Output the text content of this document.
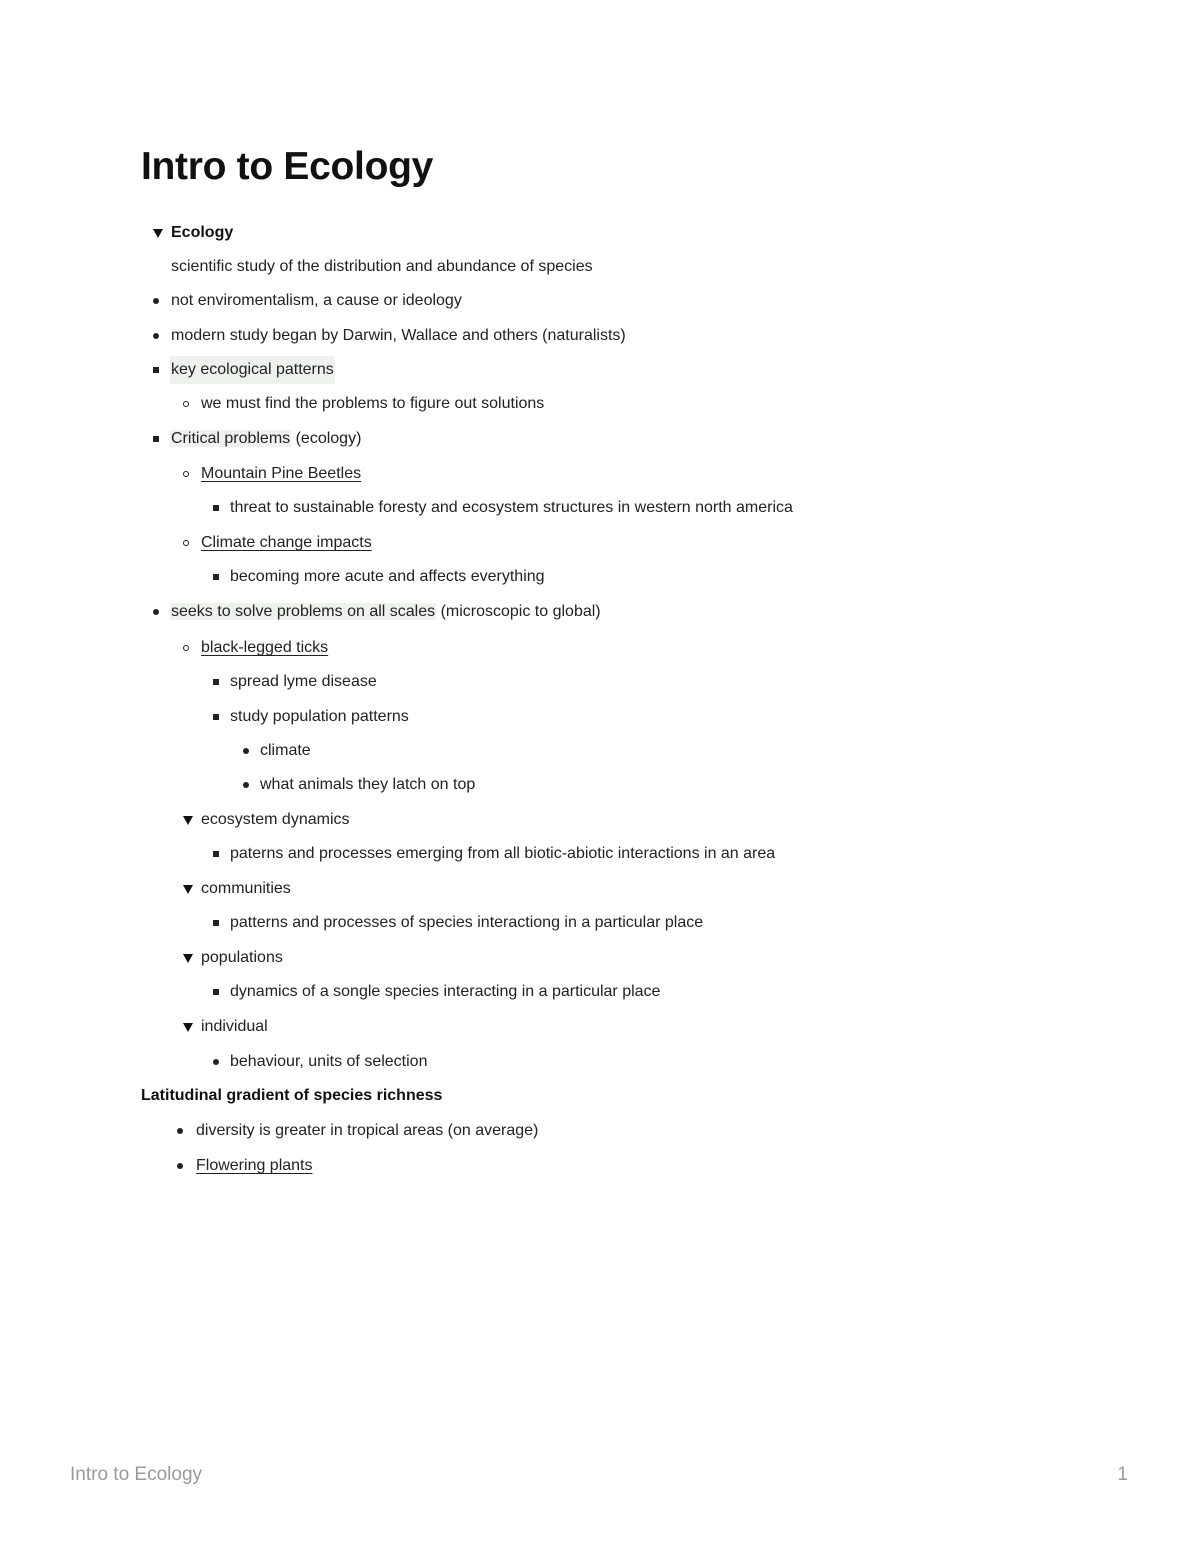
Intro to Ecology
Ecology
scientific study of the distribution and abundance of species
not enviromentalism, a cause or ideology
modern study began by Darwin, Wallace and others (naturalists)
key ecological patterns
we must find the problems to figure out solutions
Critical problems (ecology)
Mountain Pine Beetles
threat to sustainable foresty and ecosystem structures in western north america
Climate change impacts
becoming more acute and affects everything
seeks to solve problems on all scales (microscopic to global)
black-legged ticks
spread lyme disease
study population patterns
climate
what animals they latch on top
ecosystem dynamics
paterns and processes emerging from all biotic-abiotic interactions in an area
communities
patterns and processes of species interactiong in a particular place
populations
dynamics of a songle species interacting in a particular place
individual
behaviour, units of selection
Latitudinal gradient of species richness
diversity is greater in tropical areas (on average)
Flowering plants
Intro to Ecology	1
